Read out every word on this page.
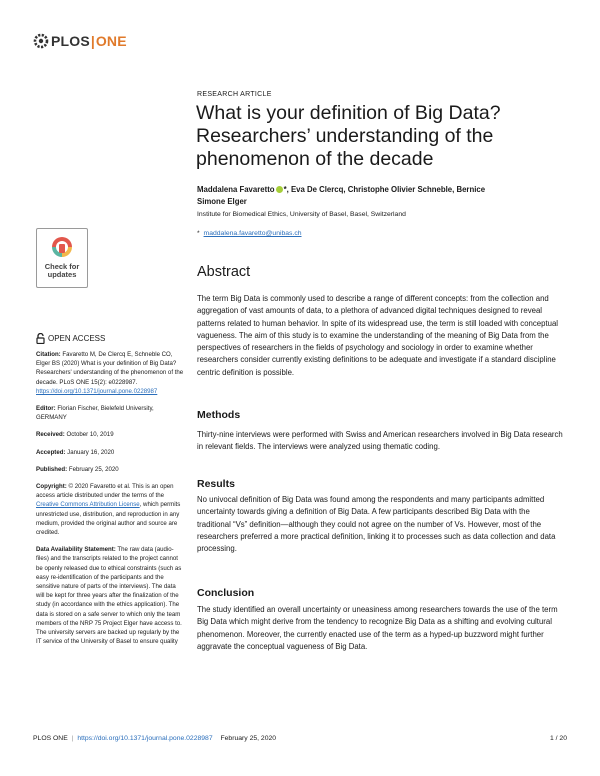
PLOS | ONE
Check for
updates
OPEN ACCESS

Citation: Favaretto M, De Clercq E, Schneble CO, Elger BS (2020) What is your definition of Big Data? Researchers' understanding of the phenomenon of the decade. PLoS ONE 15(2): e0228987. https://doi.org/10.1371/journal.pone.0228987

Editor: Florian Fischer, Bielefeld University, GERMANY

Received: October 10, 2019

Accepted: January 16, 2020

Published: February 25, 2020

Copyright: © 2020 Favaretto et al. This is an open access article distributed under the terms of the Creative Commons Attribution License, which permits unrestricted use, distribution, and reproduction in any medium, provided the original author and source are credited.

Data Availability Statement: The raw data (audio-files) and the transcripts related to the project cannot be openly released due to ethical constraints (such as easy re-identification of the participants and the sensitive nature of parts of the interviews). The data will be kept for three years after the finalization of the study (in accordance with the ethics application). The data is stored on a safe server to which only the team members of the NRP 75 Project Elger have access to. The university servers are backed up regularly by the IT service of the University of Basel to ensure quality

RESEARCH ARTICLE
What is your definition of Big Data? Researchers’ understanding of the phenomenon of the decade
Maddalena Favaretto *, Eva De Clercq, Christophe Olivier Schneble, Bernice Simone Elger
Institute for Biomedical Ethics, University of Basel, Basel, Switzerland
* maddalena.favaretto@unibas.ch
Abstract

The term Big Data is commonly used to describe a range of different concepts: from the collection and aggregation of vast amounts of data, to a plethora of advanced digital techniques designed to reveal patterns related to human behavior. In spite of its widespread use, the term is still loaded with conceptual vagueness. The aim of this study is to examine the understanding of the meaning of Big Data from the perspectives of researchers in the fields of psychology and sociology in order to examine whether researchers consider currently existing definitions to be adequate and investigate if a standard discipline centric definition is possible.

Methods

Thirty-nine interviews were performed with Swiss and American researchers involved in Big Data research in relevant fields. The interviews were analyzed using thematic coding.

Results

No univocal definition of Big Data was found among the respondents and many participants admitted uncertainty towards giving a definition of Big Data. A few participants described Big Data with the traditional “Vs” definition—although they could not agree on the number of Vs. However, most of the researchers preferred a more practical definition, linking it to processes such as data collection and data processing.

Conclusion

The study identified an overall uncertainty or uneasiness among researchers towards the use of the term Big Data which might derive from the tendency to recognize Big Data as a shifting and evolving cultural phenomenon. Moreover, the currently enacted use of the term as a hyped-up buzzword might further aggravate the conceptual vagueness of Big Data.

PLOS ONE | https://doi.org/10.1371/journal.pone.0228987 February 25, 2020	1 / 20
